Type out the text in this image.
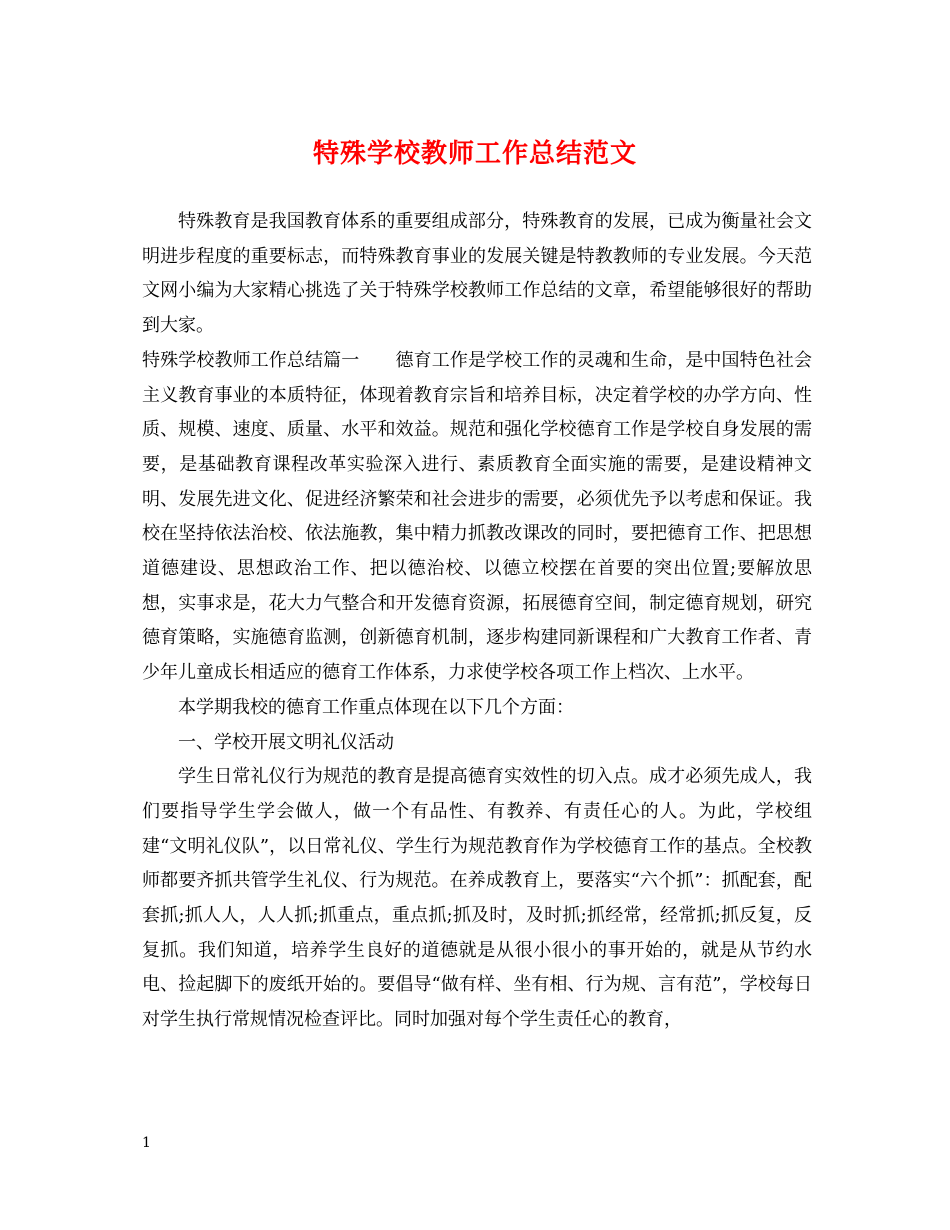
特殊学校教师工作总结范文

特殊教育是我国教育体系的重要组成部分，特殊教育的发展，已成为衡量社会文明进步程度的重要标志，而特殊教育事业的发展关键是特教教师的专业发展。今天范文网小编为大家精心挑选了关于特殊学校教师工作总结的文章，希望能够很好的帮助到大家。

特殊学校教师工作总结篇一 德育工作是学校工作的灵魂和生命，是中国特色社会主义教育事业的本质特征，体现着教育宗旨和培养目标，决定着学校的办学方向、性质、规模、速度、质量、水平和效益。规范和强化学校德育工作是学校自身发展的需要，是基础教育课程改革实验深入进行、素质教育全面实施的需要，是建设精神文明、发展先进文化、促进经济繁荣和社会进步的需要，必须优先予以考虑和保证。我校在坚持依法治校、依法施教，集中精力抓教改课改的同时，要把德育工作、把思想道德建设、思想政治工作、把以德治校、以德立校摆在首要的突出位置;要解放思想，实事求是，花大力气整合和开发德育资源，拓展德育空间，制定德育规划，研究德育策略，实施德育监测，创新德育机制，逐步构建同新课程和广大教育工作者、青少年儿童成长相适应的德育工作体系，力求使学校各项工作上档次、上水平。

本学期我校的德育工作重点体现在以下几个方面：

一、学校开展文明礼仪活动

学生日常礼仪行为规范的教育是提高德育实效性的切入点。成才必须先成人，我们要指导学生学会做人，做一个有品性、有教养、有责任心的人。为此，学校组建“文明礼仪队”，以日常礼仪、学生行为规范教育作为学校德育工作的基点。全校教师都要齐抓共管学生礼仪、行为规范。在养成教育上，要落实“六个抓”：抓配套，配套抓;抓人人，人人抓;抓重点，重点抓;抓及时，及时抓;抓经常，经常抓;抓反复，反复抓。我们知道，培养学生良好的道德就是从很小很小的事开始的，就是从节约水电、捡起脚下的废纸开始的。要倡导“做有样、坐有相、行为规、言有范”，学校每日对学生执行常规情况检查评比。同时加强对每个学生责任心的教育，

1
